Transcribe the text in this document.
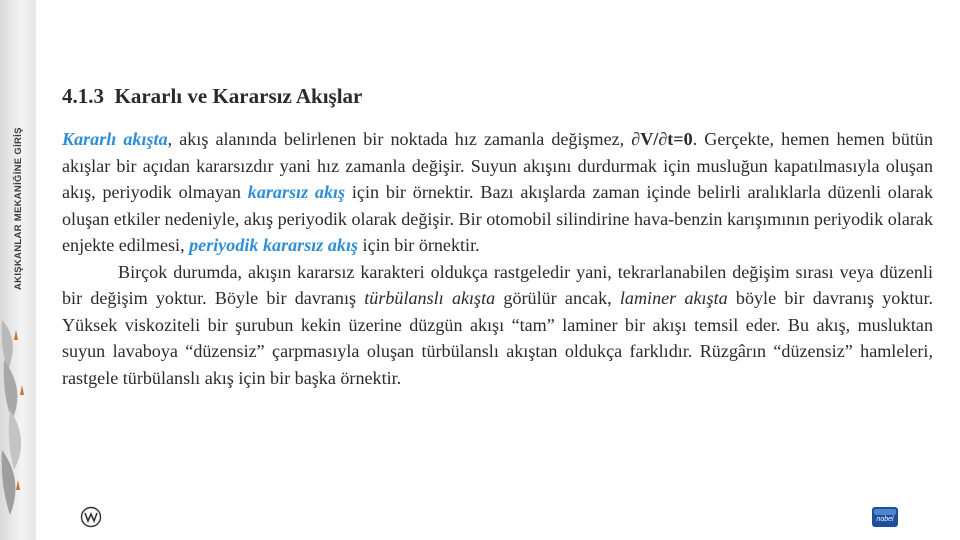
AKIŞKANLAR MEKANİĞİNE GİRİŞ
4.1.3 Kararlı ve Kararsız Akışlar

Kararlı akışta, akış alanında belirlenen bir noktada hız zamanla değişmez, ∂V/∂t=0. Gerçekte, hemen hemen bütün akışlar bir açıdan kararsızdır yani hız zamanla değişir. Suyun akışını durdurmak için musluğun kapatılmasıyla oluşan akış, periyodik olmayan kararsız akış için bir örnektir. Bazı akışlarda zaman içinde belirli aralıklarla düzenli olarak oluşan etkiler nedeniyle, akış periyodik olarak değişir. Bir otomobil silindirine hava-benzin karışımının periyodik olarak enjekte edilmesi, periyodik kararsız akış için bir örnektir.

Birçok durumda, akışın kararsız karakteri oldukça rastgeledir yani, tekrarlanabilen değişim sırası veya düzenli bir değişim yoktur. Böyle bir davranış türbülanslı akışta görülür ancak, laminer akışta böyle bir davranış yoktur. Yüksek viskoziteli bir şurubun kekin üzerine düzgün akışı “tam” laminer bir akışı temsil eder. Bu akış, musluktan suyun lavaboya “düzensiz” çarpmasıyla oluşan türbülanslı akıştan oldukça farklıdır. Rüzgârın “düzensiz” hamleleri, rastgele türbülanslı akış için bir başka örnektir.

nobel
